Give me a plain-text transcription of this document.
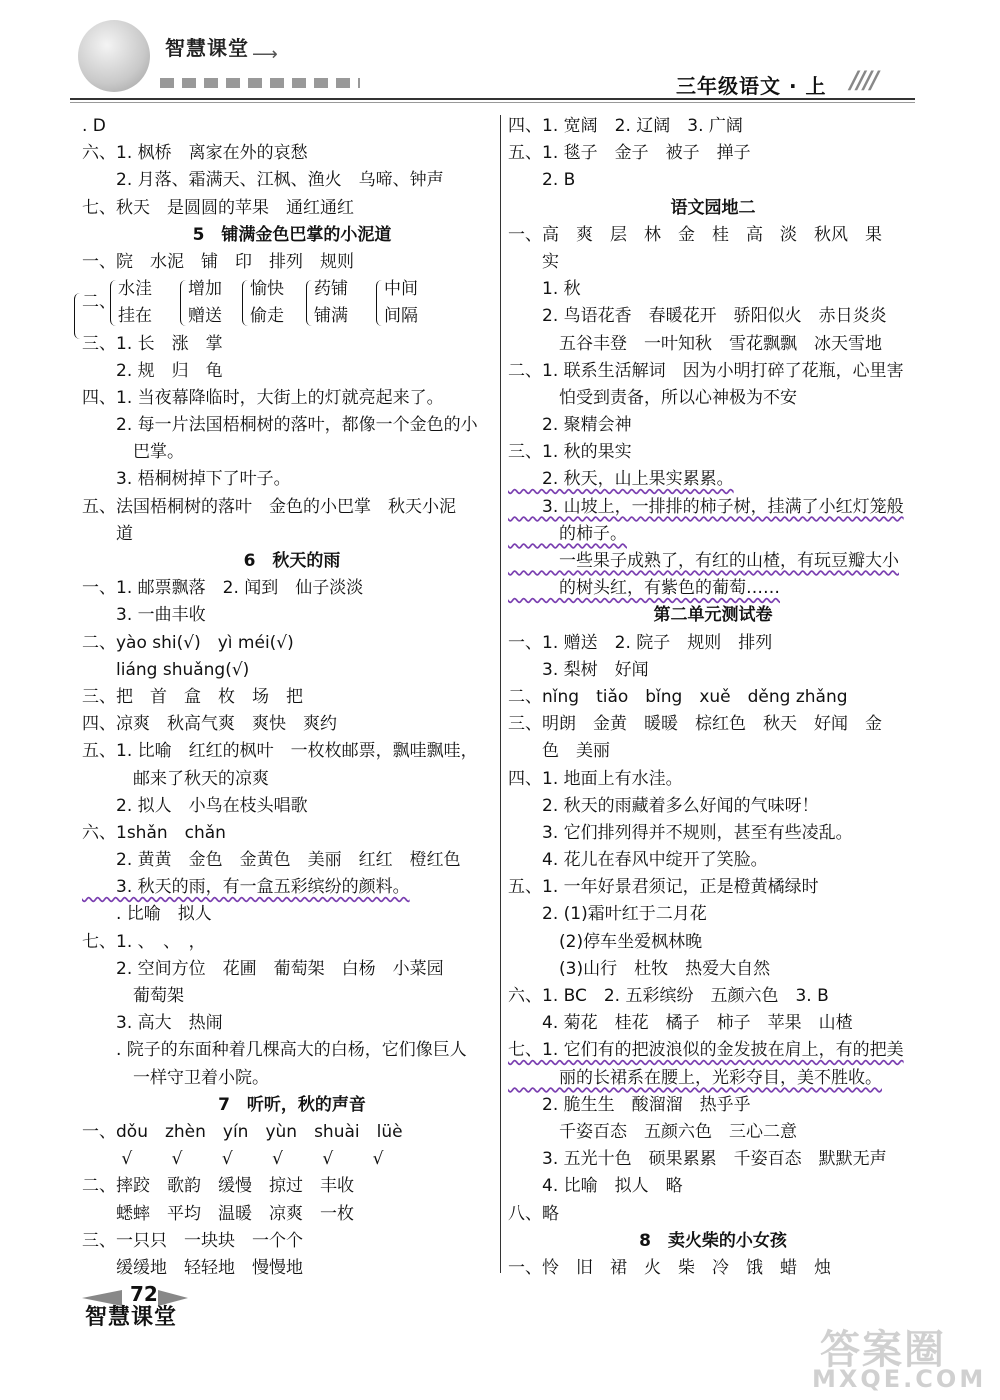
智慧课堂 ⟶
三年级语文 · 上 ////
. D
六、1. 枫桥　离家在外的哀愁
　　2. 月落、霜满天、江枫、渔火　乌啼、钟声
七、秋天　是圆圆的苹果　通红通红
5　铺满金色巴掌的小泥道
一、院　水泥　铺　印　排列　规则
二、
水洼
挂在
增加
赠送
愉快
偷走
药铺
铺满
中间
间隔
三、1. 长　涨　掌
　　2. 规　归　龟
四、1. 当夜幕降临时，大街上的灯就亮起来了。
　　2. 每一片法国梧桐树的落叶，都像一个金色的小
　　　巴掌。
　　3. 梧桐树掉下了叶子。
五、法国梧桐树的落叶　金色的小巴掌　秋天小泥
　　道
6　秋天的雨
一、1. 邮票飘落　2. 闻到　仙子淡淡
　　3. 一曲丰收
二、yào shi(√)　yì méi(√)
　　liáng shuǎng(√)
三、把　首　盒　枚　场　把
四、凉爽　秋高气爽　爽快　爽约
五、1. 比喻　红红的枫叶　一枚枚邮票，飘哇飘哇，
　　　邮来了秋天的凉爽
　　2. 拟人　小鸟在枝头唱歌
六、1shǎn　chǎn
　　2. 黄黄　金色　金黄色　美丽　红红　橙红色
　　3. 秋天的雨，有一盒五彩缤纷的颜料。
　　. 比喻　拟人
七、1. 、　、　，
　　2. 空间方位　花圃　葡萄架　白杨　小菜园
　　　葡萄架
　　3. 高大　热闹
　　. 院子的东面种着几棵高大的白杨，它们像巨人
　　　一样守卫着小院。
7　听听，秋的声音
一、dǒu　zhèn　yín　yùn　shuài　lüè
　　 √　　 √　　 √　　 √　　 √　　 √
二、摔跤　歌韵　缓慢　掠过　丰收
　　蟋蟀　平均　温暖　凉爽　一枚
三、一只只　一块块　一个个
　　缓缓地　轻轻地　慢慢地
四、1. 宽阔　2. 辽阔　3. 广阔
五、1. 毯子　金子　被子　掸子
　　2. B
语文园地二
一、高　爽　层　林　金　桂　高　淡　秋风　果
　　实
　　1. 秋
　　2. 鸟语花香　春暖花开　骄阳似火　赤日炎炎
　　　五谷丰登　一叶知秋　雪花飘飘　冰天雪地
二、1. 联系生活解词　因为小明打碎了花瓶，心里害
　　　怕受到责备，所以心神极为不安
　　2. 聚精会神
三、1. 秋的果实
　　2. 秋天，山上果实累累。
　　3. 山坡上，一排排的柿子树，挂满了小红灯笼般
　　　的柿子。
　　　一些果子成熟了，有红的山楂，有玩豆瓣大小
　　　的树头红，有紫色的葡萄……
第二单元测试卷
一、1. 赠送　2. 院子　规则　排列
　　3. 梨树　好闻
二、nǐng　tiǎo　bǐng　xuě　děng zhǎng
三、明朗　金黄　暖暖　棕红色　秋天　好闻　金
　　色　美丽
四、1. 地面上有水洼。
　　2. 秋天的雨藏着多么好闻的气味呀！
　　3. 它们排列得并不规则，甚至有些凌乱。
　　4. 花儿在春风中绽开了笑脸。
五、1. 一年好景君须记，正是橙黄橘绿时
　　2. (1)霜叶红于二月花
　　　(2)停车坐爱枫林晚
　　　(3)山行　杜牧　热爱大自然
六、1. BC　2. 五彩缤纷　五颜六色　3. B
　　4. 菊花　桂花　橘子　柿子　苹果　山楂
七、1. 它们有的把波浪似的金发披在肩上，有的把美
　　　丽的长裙系在腰上，光彩夺目，美不胜收。
　　2. 脆生生　酸溜溜　热乎乎
　　　千姿百态　五颜六色　三心二意
　　3. 五光十色　硕果累累　千姿百态　默默无声
　　4. 比喻　拟人　略
八、略
8　卖火柴的小女孩
一、怜　旧　裙　火　柴　冷　饿　蜡　烛
72
智慧课堂
答案圈
MXQE.COM
